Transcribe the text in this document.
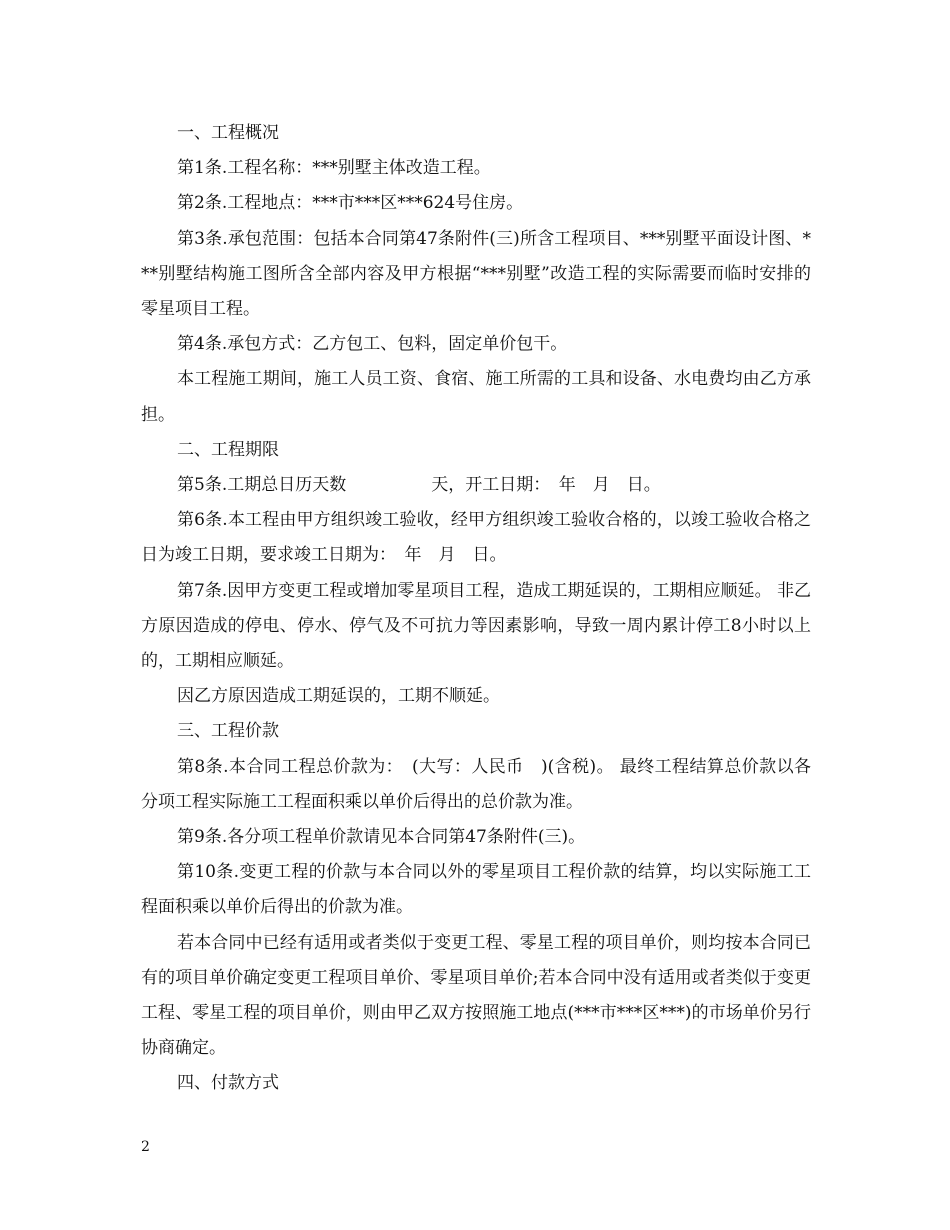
一、工程概况

第1条.工程名称：***别墅主体改造工程。

第2条.工程地点：***市***区***624号住房。

第3条.承包范围：包括本合同第47条附件(三)所含工程项目、***别墅平面设计图、***别墅结构施工图所含全部内容及甲方根据“***别墅”改造工程的实际需要而临时安排的零星项目工程。

第4条.承包方式：乙方包工、包料，固定单价包干。

本工程施工期间，施工人员工资、食宿、施工所需的工具和设备、水电费均由乙方承担。

二、工程期限

第5条.工期总日历天数　　　　　天，开工日期：　年　月　日。

第6条.本工程由甲方组织竣工验收，经甲方组织竣工验收合格的，以竣工验收合格之日为竣工日期，要求竣工日期为：　年　月　日。

第7条.因甲方变更工程或增加零星项目工程，造成工期延误的，工期相应顺延。 非乙方原因造成的停电、停水、停气及不可抗力等因素影响，导致一周内累计停工8小时以上的，工期相应顺延。

因乙方原因造成工期延误的，工期不顺延。

三、工程价款

第8条.本合同工程总价款为：　(大写：人民币　)(含税)。 最终工程结算总价款以各分项工程实际施工工程面积乘以单价后得出的总价款为准。

第9条.各分项工程单价款请见本合同第47条附件(三)。

第10条.变更工程的价款与本合同以外的零星项目工程价款的结算，均以实际施工工程面积乘以单价后得出的价款为准。

若本合同中已经有适用或者类似于变更工程、零星工程的项目单价，则均按本合同已有的项目单价确定变更工程项目单价、零星项目单价;若本合同中没有适用或者类似于变更工程、零星工程的项目单价，则由甲乙双方按照施工地点(***市***区***)的市场单价另行协商确定。

四、付款方式

2
